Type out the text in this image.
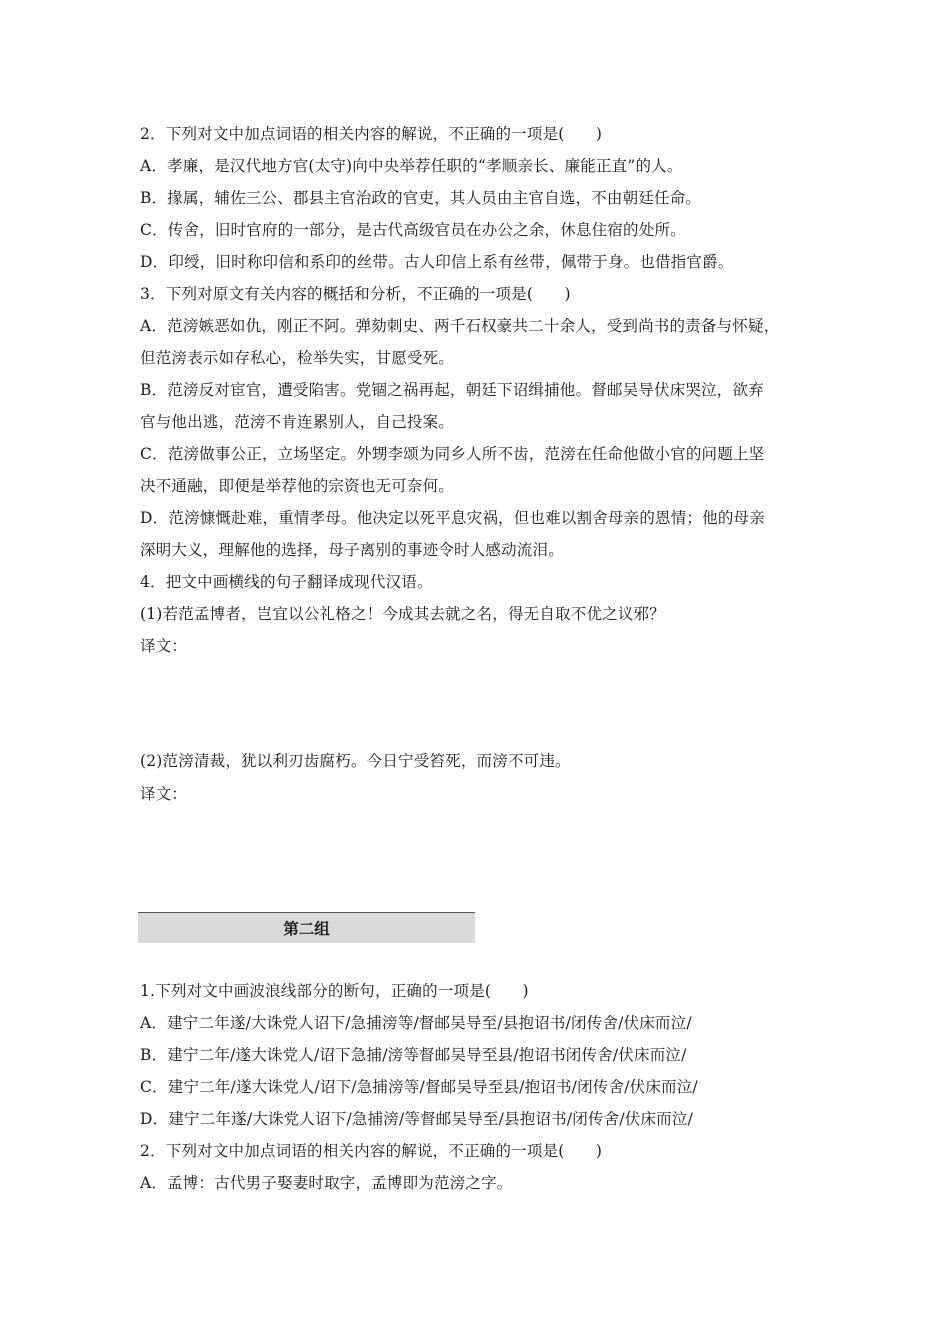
2．下列对文中加点词语的相关内容的解说，不正确的一项是(　　)
A．孝廉，是汉代地方官(太守)向中央举荐任职的“孝顺亲长、廉能正直”的人。
B．掾属，辅佐三公、郡县主官治政的官吏，其人员由主官自选，不由朝廷任命。
C．传舍，旧时官府的一部分，是古代高级官员在办公之余，休息住宿的处所。
D．印绶，旧时称印信和系印的丝带。古人印信上系有丝带，佩带于身。也借指官爵。
3．下列对原文有关内容的概括和分析，不正确的一项是(　　)
A．范滂嫉恶如仇，刚正不阿。弹劾刺史、两千石权豪共二十余人，受到尚书的责备与怀疑，
但范滂表示如存私心，检举失实，甘愿受死。
B．范滂反对宦官，遭受陷害。党锢之祸再起，朝廷下诏缉捕他。督邮吴导伏床哭泣，欲弃
官与他出逃，范滂不肯连累别人，自己投案。
C．范滂做事公正，立场坚定。外甥李颂为同乡人所不齿，范滂在任命他做小官的问题上坚
决不通融，即便是举荐他的宗资也无可奈何。
D．范滂慷慨赴难，重情孝母。他决定以死平息灾祸，但也难以割舍母亲的恩情；他的母亲
深明大义，理解他的选择，母子离别的事迹令时人感动流泪。
4．把文中画横线的句子翻译成现代汉语。
(1)若范孟博者，岂宜以公礼格之！今成其去就之名，得无自取不优之议邪？
译文：
(2)范滂清裁，犹以利刃齿腐朽。今日宁受笞死，而滂不可违。
译文：
第二组
1.下列对文中画波浪线部分的断句，正确的一项是(　　)
A．建宁二年遂/大诛党人诏下/急捕滂等/督邮吴导至/县抱诏书/闭传舍/伏床而泣/
B．建宁二年/遂大诛党人/诏下急捕/滂等督邮吴导至县/抱诏书闭传舍/伏床而泣/
C．建宁二年/遂大诛党人/诏下/急捕滂等/督邮吴导至县/抱诏书/闭传舍/伏床而泣/
D．建宁二年遂/大诛党人诏下/急捕滂/等督邮吴导至/县抱诏书/闭传舍/伏床而泣/
2．下列对文中加点词语的相关内容的解说，不正确的一项是(　　)
A．孟博：古代男子娶妻时取字，孟博即为范滂之字。
